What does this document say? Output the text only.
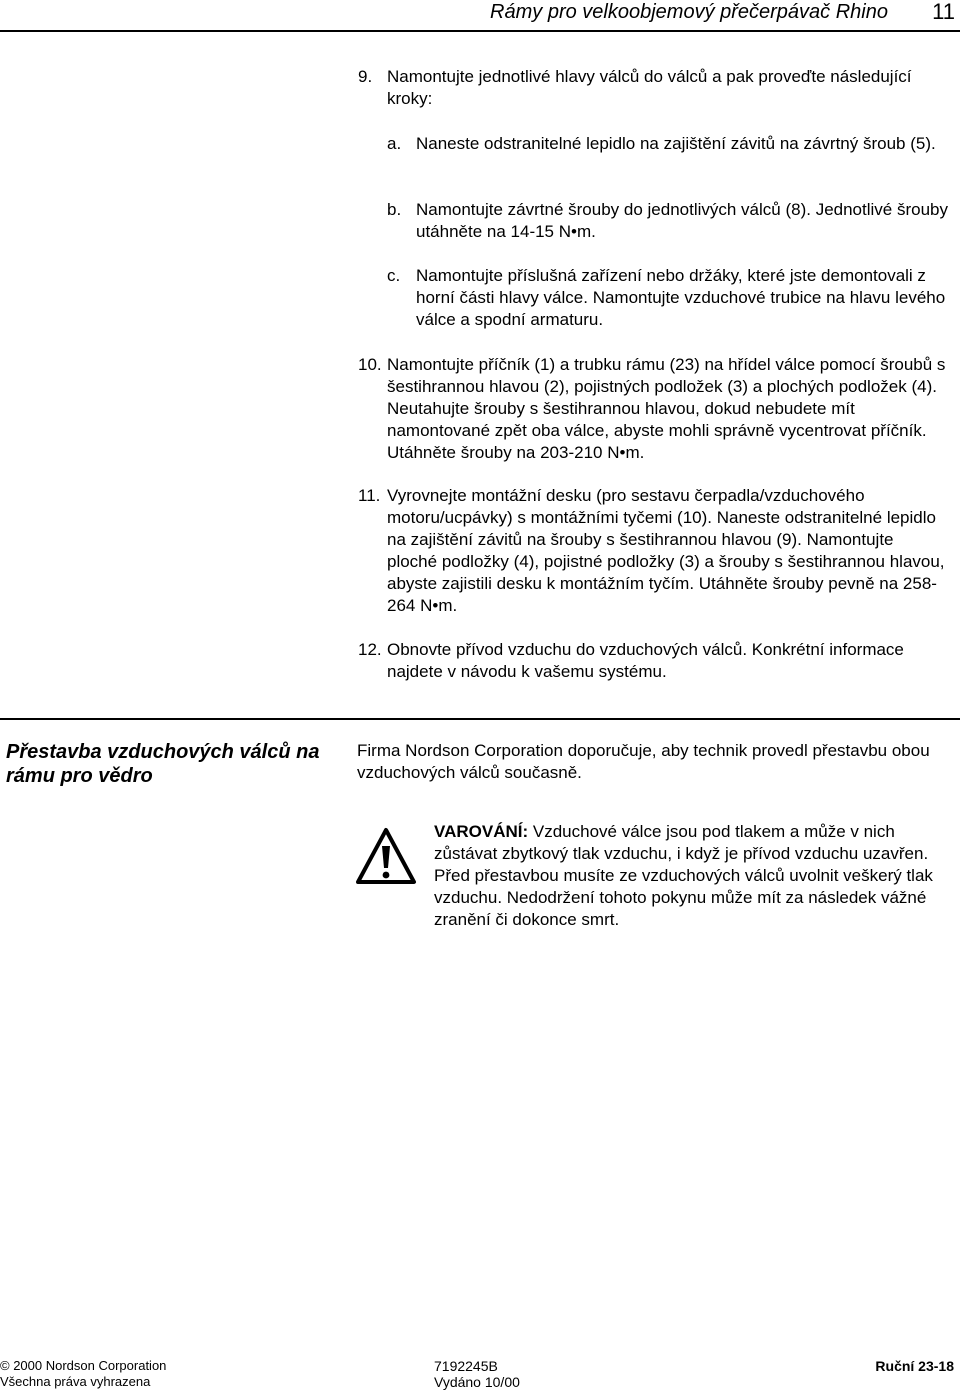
Rámy pro velkoobjemový přečerpávač Rhino 11
9. Namontujte jednotlivé hlavy válců do válců a pak proveďte následující kroky:
a. Naneste odstranitelné lepidlo na zajištění závitů na závrtný šroub (5).
b. Namontujte závrtné šrouby do jednotlivých válců (8). Jednotlivé šrouby utáhněte na 14-15 N•m.
c. Namontujte příslušná zařízení nebo držáky, které jste demontovali z horní části hlavy válce. Namontujte vzduchové trubice na hlavu levého válce a spodní armaturu.
10. Namontujte příčník (1) a trubku rámu (23) na hřídel válce pomocí šroubů s šestihrannou hlavou (2), pojistných podložek (3) a plochých podložek (4). Neutahujte šrouby s šestihrannou hlavou, dokud nebudete mít namontované zpět oba válce, abyste mohli správně vycentrovat příčník. Utáhněte šrouby na 203-210 N•m.
11. Vyrovnejte montážní desku (pro sestavu čerpadla/vzduchového motoru/ucpávky) s montážními tyčemi (10). Naneste odstranitelné lepidlo na zajištění závitů na šrouby s šestihrannou hlavou (9). Namontujte ploché podložky (4), pojistné podložky (3) a šrouby s šestihrannou hlavou, abyste zajistili desku k montážním tyčím. Utáhněte šrouby pevně na 258-264 N•m.
12. Obnovte přívod vzduchu do vzduchových válců. Konkrétní informace najdete v návodu k vašemu systému.
Přestavba vzduchových válců na rámu pro vědro
Firma Nordson Corporation doporučuje, aby technik provedl přestavbu obou vzduchových válců současně.
VAROVÁNÍ: Vzduchové válce jsou pod tlakem a může v nich zůstávat zbytkový tlak vzduchu, i když je přívod vzduchu uzavřen. Před přestavbou musíte ze vzduchových válců uvolnit veškerý tlak vzduchu. Nedodržení tohoto pokynu může mít za následek vážné zranění či dokonce smrt.
© 2000 Nordson Corporation
Všechna práva vyhrazena
7192245B
Vydáno 10/00
Ruční 23-18
